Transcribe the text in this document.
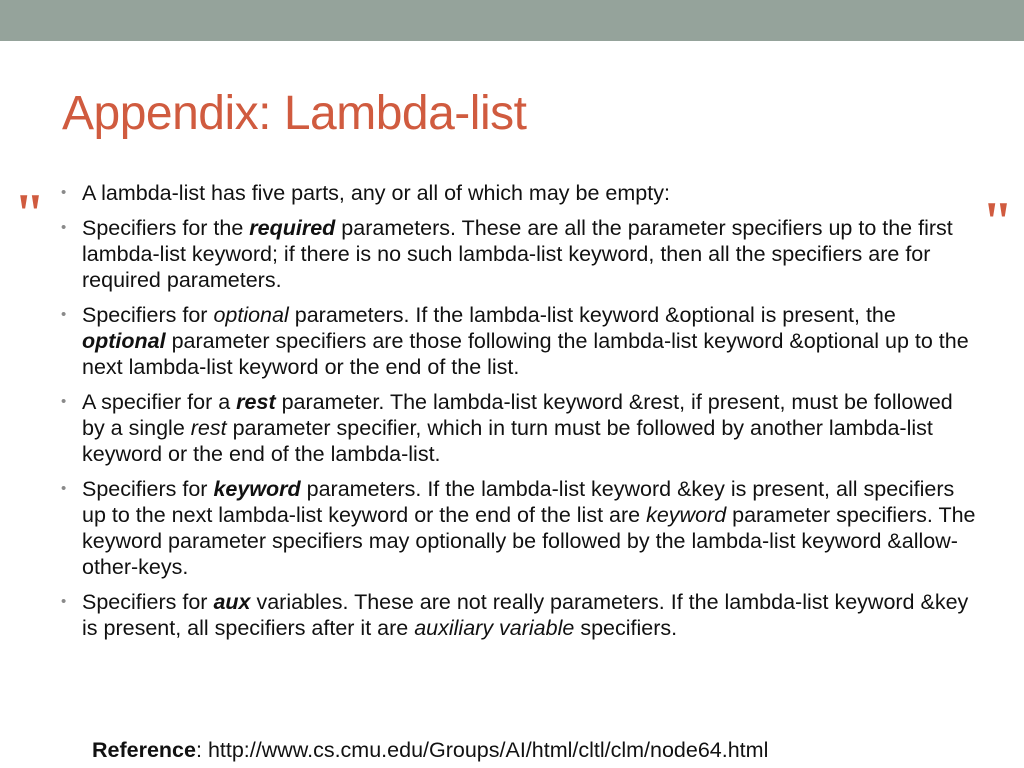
Appendix: Lambda-list
"	"
• A lambda-list has five parts, any or all of which may be empty:
• Specifiers for the required parameters. These are all the parameter specifiers up to the first lambda-list keyword; if there is no such lambda-list keyword, then all the specifiers are for required parameters.
• Specifiers for optional parameters. If the lambda-list keyword &optional is present, the optional parameter specifiers are those following the lambda-list keyword &optional up to the next lambda-list keyword or the end of the list.
• A specifier for a rest parameter. The lambda-list keyword &rest, if present, must be followed by a single rest parameter specifier, which in turn must be followed by another lambda-list keyword or the end of the lambda-list.
• Specifiers for keyword parameters. If the lambda-list keyword &key is present, all specifiers up to the next lambda-list keyword or the end of the list are keyword parameter specifiers. The keyword parameter specifiers may optionally be followed by the lambda-list keyword &allow-other-keys.
• Specifiers for aux variables. These are not really parameters. If the lambda-list keyword &key is present, all specifiers after it are auxiliary variable specifiers.
Reference: http://www.cs.cmu.edu/Groups/AI/html/cltl/clm/node64.html
